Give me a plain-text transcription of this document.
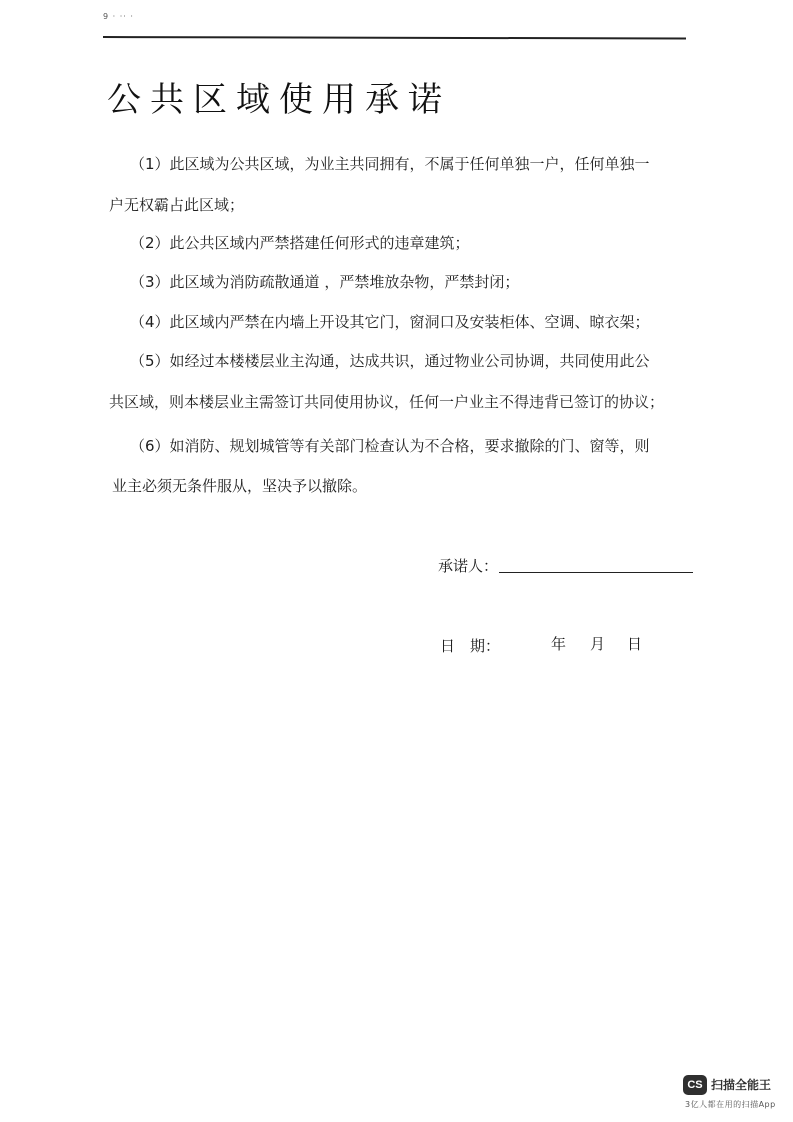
9 · ·· ·
公共区域使用承诺
（1）此区域为公共区域，为业主共同拥有，不属于任何单独一户，任何单独一
户无权霸占此区域；
（2）此公共区域内严禁搭建任何形式的违章建筑；
（3）此区域为消防疏散通道 ，严禁堆放杂物，严禁封闭；
（4）此区域内严禁在内墙上开设其它门，窗洞口及安装柜体、空调、晾衣架；
（5）如经过本楼楼层业主沟通，达成共识，通过物业公司协调，共同使用此公
共区域，则本楼层业主需签订共同使用协议，任何一户业主不得违背已签订的协议；
（6）如消防、规划城管等有关部门检查认为不合格，要求撤除的门、窗等，则
业主必须无条件服从，坚决予以撤除。
承诺人：
日　期：	年 月 日
CS 扫描全能王
3亿人都在用的扫描App
